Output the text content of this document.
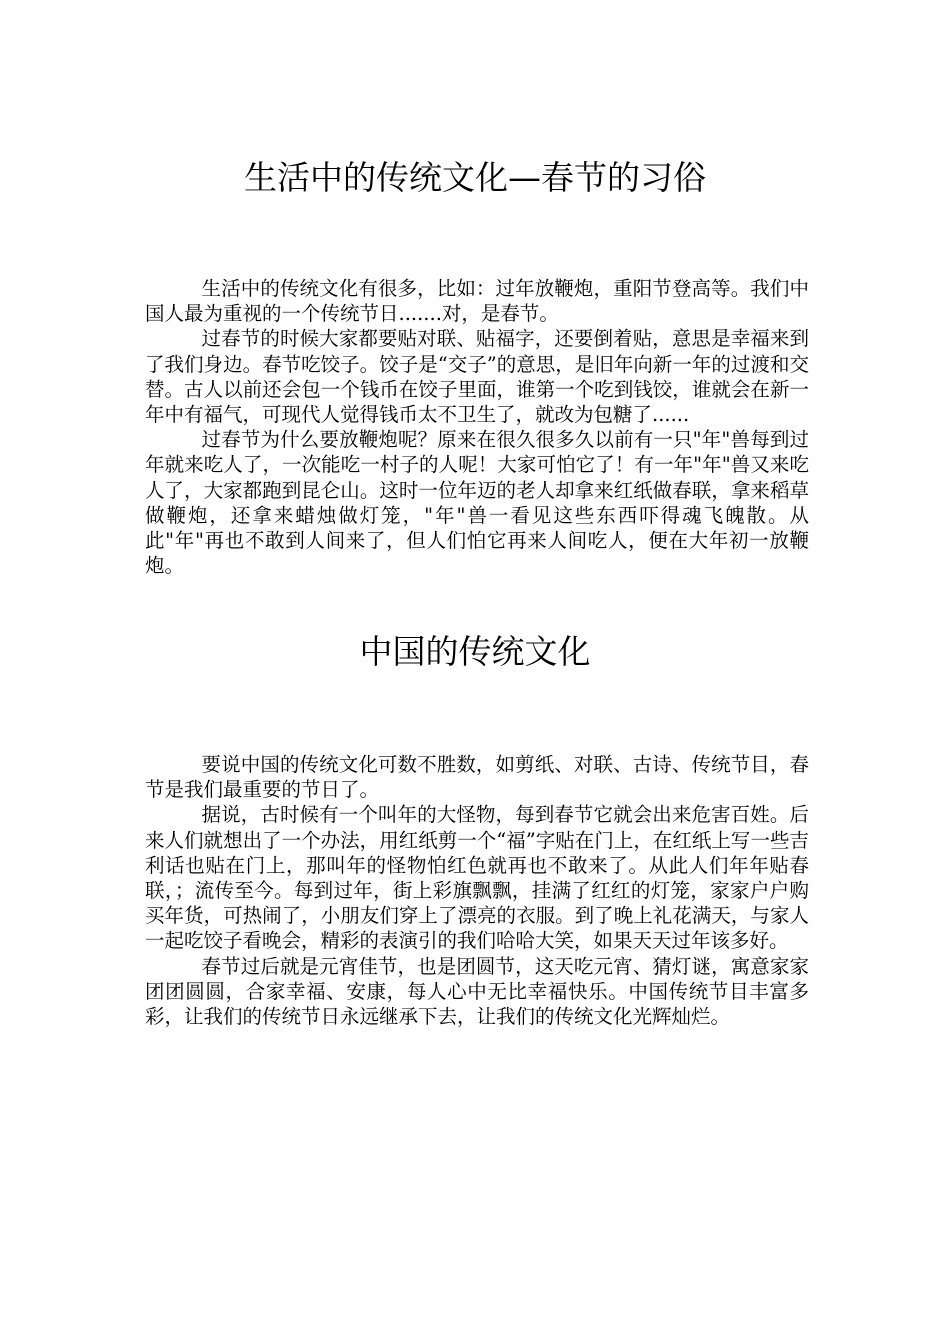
生活中的传统文化—春节的习俗

生活中的传统文化有很多，比如：过年放鞭炮，重阳节登高等。我们中国人最为重视的一个传统节日.......对，是春节。

过春节的时候大家都要贴对联、贴福字，还要倒着贴，意思是幸福来到了我们身边。春节吃饺子。饺子是“交子”的意思，是旧年向新一年的过渡和交替。古人以前还会包一个钱币在饺子里面，谁第一个吃到钱饺，谁就会在新一年中有福气，可现代人觉得钱币太不卫生了，就改为包糖了......

过春节为什么要放鞭炮呢？原来在很久很多久以前有一只"年"兽每到过年就来吃人了，一次能吃一村子的人呢！大家可怕它了！有一年"年"兽又来吃人了，大家都跑到昆仑山。这时一位年迈的老人却拿来红纸做春联，拿来稻草做鞭炮，还拿来蜡烛做灯笼，"年"兽一看见这些东西吓得魂飞魄散。从此"年"再也不敢到人间来了，但人们怕它再来人间吃人，便在大年初一放鞭炮。

中国的传统文化

要说中国的传统文化可数不胜数，如剪纸、对联、古诗、传统节目，春节是我们最重要的节日了。

据说，古时候有一个叫年的大怪物，每到春节它就会出来危害百姓。后来人们就想出了一个办法，用红纸剪一个“福”字贴在门上，在红纸上写一些吉利话也贴在门上，那叫年的怪物怕红色就再也不敢来了。从此人们年年贴春联，；流传至今。每到过年，街上彩旗飘飘，挂满了红红的灯笼，家家户户购买年货，可热闹了，小朋友们穿上了漂亮的衣服。到了晚上礼花满天，与家人一起吃饺子看晚会，精彩的表演引的我们哈哈大笑，如果天天过年该多好。

春节过后就是元宵佳节，也是团圆节，这天吃元宵、猜灯谜，寓意家家团团圆圆，合家幸福、安康，每人心中无比幸福快乐。中国传统节目丰富多彩，让我们的传统节日永远继承下去，让我们的传统文化光辉灿烂。
